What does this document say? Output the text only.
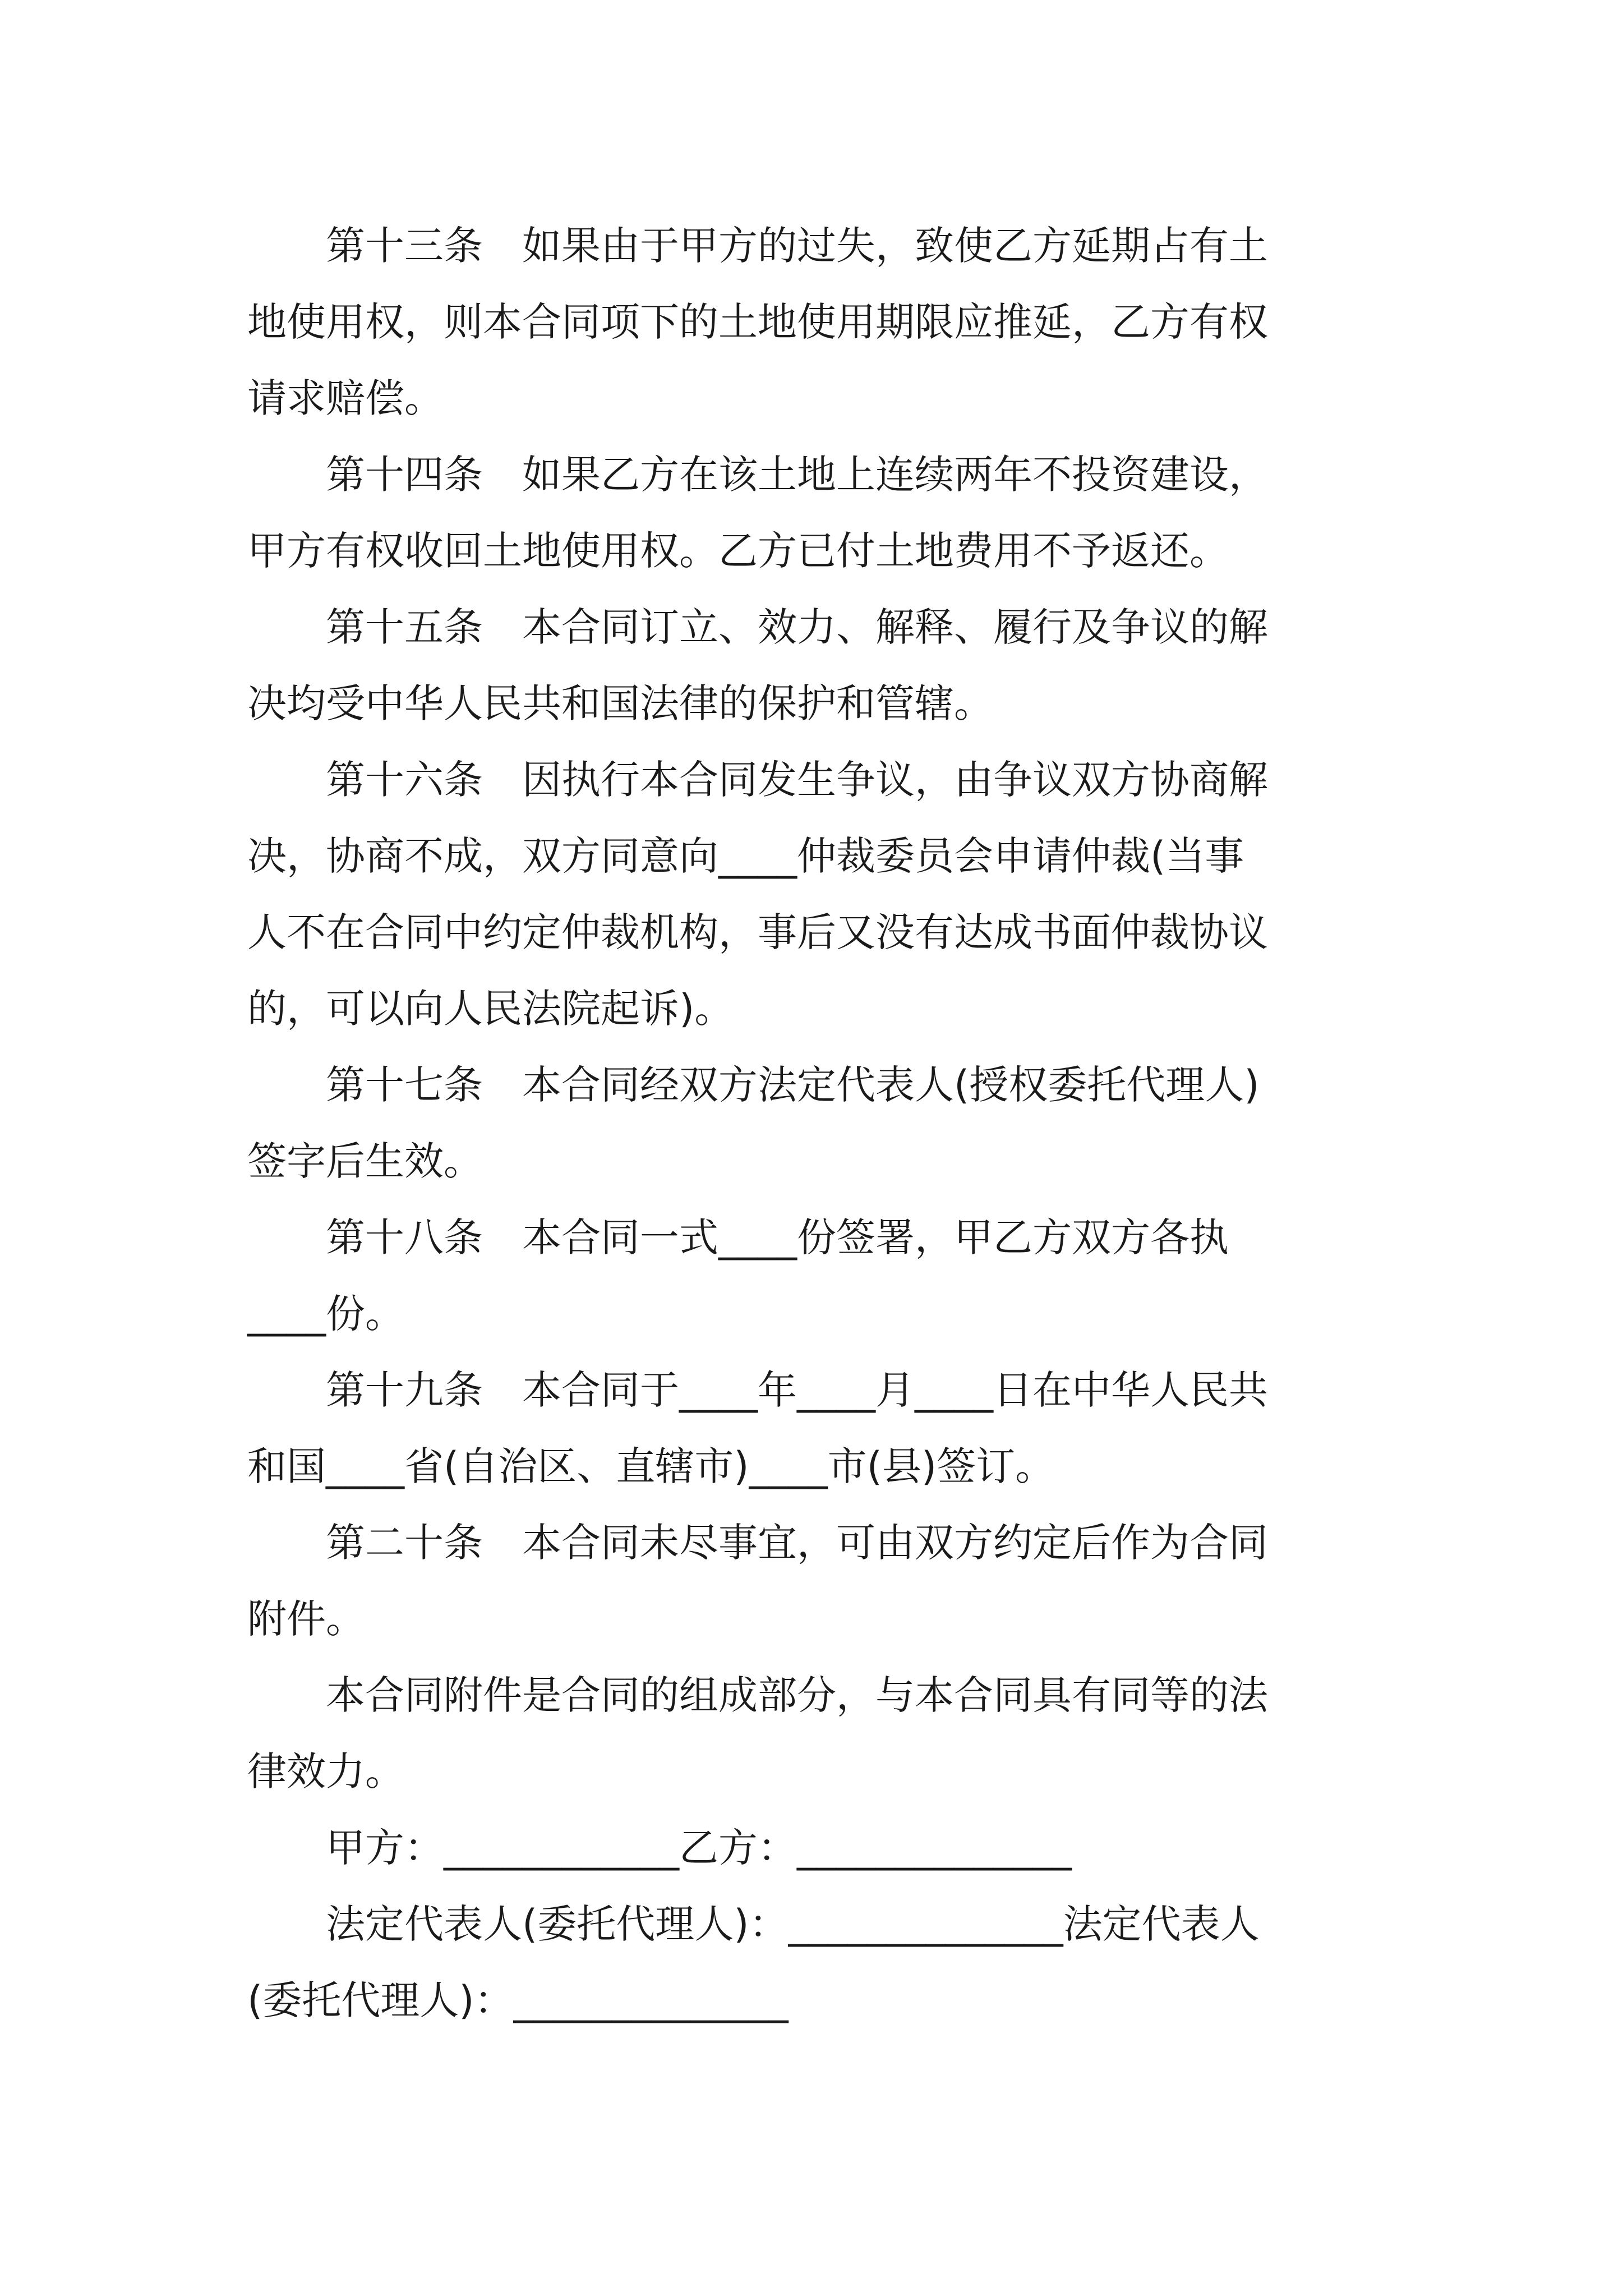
　　第十三条　如果由于甲方的过失，致使乙方延期占有土
地使用权，则本合同项下的土地使用期限应推延，乙方有权
请求赔偿。
　　第十四条　如果乙方在该土地上连续两年不投资建设，
甲方有权收回土地使用权。乙方已付土地费用不予返还。
　　第十五条　本合同订立、效力、解释、履行及争议的解
决均受中华人民共和国法律的保护和管辖。
　　第十六条　因执行本合同发生争议，由争议双方协商解
决，协商不成，双方同意向____仲裁委员会申请仲裁(当事
人不在合同中约定仲裁机构，事后又没有达成书面仲裁协议
的，可以向人民法院起诉)。
　　第十七条　本合同经双方法定代表人(授权委托代理人)
签字后生效。
　　第十八条　本合同一式____份签署，甲乙方双方各执
____份。
　　第十九条　本合同于____年____月____日在中华人民共
和国____省(自治区、直辖市)____市(县)签订。
　　第二十条　本合同未尽事宜，可由双方约定后作为合同
附件。
　　本合同附件是合同的组成部分，与本合同具有同等的法
律效力。
　　甲方：____________乙方：______________
　　法定代表人(委托代理人)：______________法定代表人
(委托代理人)：______________
